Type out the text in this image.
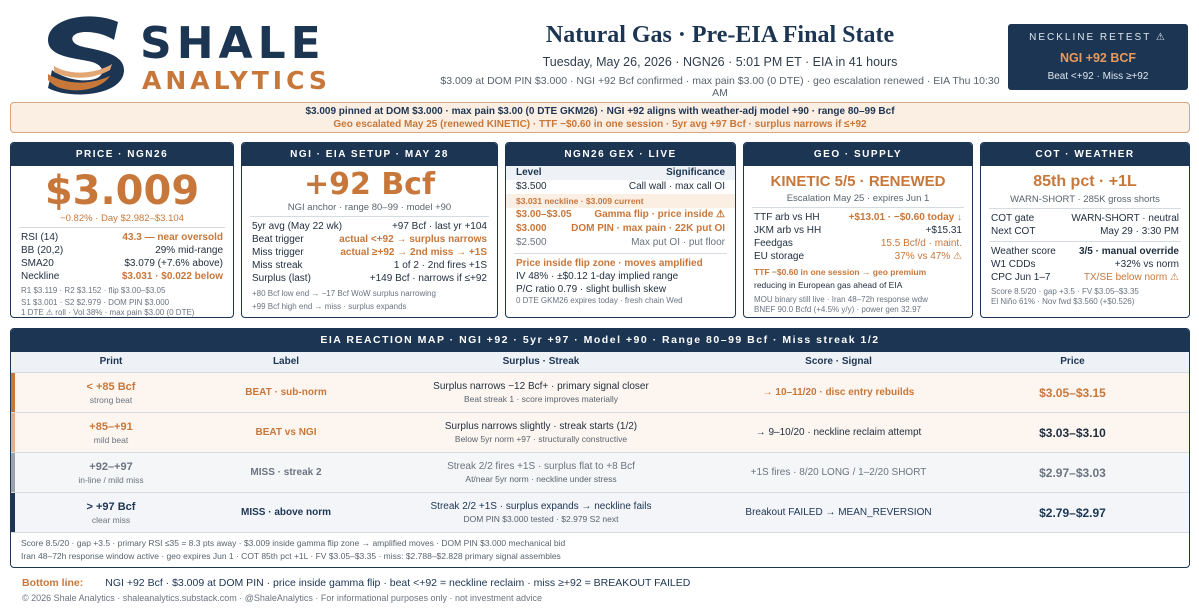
SHALE
ANALYTICS
Natural Gas · Pre-EIA Final State
Tuesday, May 26, 2026 · NGN26 · 5:01 PM ET · EIA in 41 hours
$3.009 at DOM PIN $3.000 · NGI +92 Bcf confirmed · max pain $3.00 (0 DTE) · geo escalation renewed · EIA Thu 10:30 AM
NECKLINE RETEST ⚠
NGI +92 BCF
Beat <+92 · Miss ≥+92
$3.009 pinned at DOM $3.000 · max pain $3.00 (0 DTE GKM26) · NGI +92 aligns with weather-adj model +90 · range 80–99 Bcf
Geo escalated May 25 (renewed KINETIC) · TTF −$0.60 in one session · 5yr avg +97 Bcf · surplus narrows if ≤+92
PRICE · NGN26
$3.009
−0.82% · Day $2.982–$3.104
RSI (14)	43.3 — near oversold
BB (20,2)	29% mid-range
SMA20	$3.079 (+7.6% above)
Neckline	$3.031 · $0.022 below
R1 $3.119 · R2 $3.152 · flip $3.00–$3.05
S1 $3.001 · S2 $2.979 · DOM PIN $3.000
1 DTE ⚠ roll · Vol 38% · max pain $3.00 (0 DTE)
NGI · EIA SETUP · MAY 28
+92 Bcf
NGI anchor · range 80–99 · model +90
5yr avg (May 22 wk)	+97 Bcf · last yr +104
Beat trigger	actual <+92 → surplus narrows
Miss trigger	actual ≥+92 → 2nd miss → +1S
Miss streak	1 of 2 · 2nd fires +1S
Surplus (last)	+149 Bcf · narrows if ≤+92
+80 Bcf low end → −17 Bcf WoW surplus narrowing
+99 Bcf high end → miss · surplus expands
NGN26 GEX · LIVE
Level	Significance
$3.500	Call wall · max call OI
$3.031 neckline · $3.009 current
$3.00–$3.05 Gamma flip · price inside ⚠
$3.000 DOM PIN · max pain · 22K put OI
$2.500	Max put OI · put floor
Price inside flip zone · moves amplified
IV 48% · ±$0.12 1-day implied range
P/C ratio 0.79 · slight bullish skew
0 DTE GKM26 expires today · fresh chain Wed
GEO · SUPPLY
KINETIC 5/5 · RENEWED
Escalation May 25 · expires Jun 1
TTF arb vs HH	+$13.01 · −$0.60 today ↓
JKM arb vs HH	+$15.31
Feedgas	15.5 Bcf/d · maint.
EU storage	37% vs 47% ⚠
TTF −$0.60 in one session → geo premium
reducing in European gas ahead of EIA
MOU binary still live · Iran 48–72h response wdw
BNEF 90.0 Bcfd (+4.5% y/y) · power gen 32.97
COT · WEATHER
85th pct · +1L
WARN-SHORT · 285K gross shorts
COT gate	WARN-SHORT · neutral
Next COT	May 29 · 3:30 PM
Weather score 3/5 · manual override
W1 CDDs	+32% vs norm
CPC Jun 1–7	TX/SE below norm ⚠
Score 8.5/20 · gap +3.5 · FV $3.05–$3.35
El Niño 61% · Nov fwd $3.560 (+$0.526)
EIA REACTION MAP · NGI +92 · 5yr +97 · Model +90 · Range 80–99 Bcf · Miss streak 1/2
Print	Label	Surplus · Streak	Score · Signal	Price
< +85 Bcf
strong beat
BEAT · sub-norm
Surplus narrows −12 Bcf+ · primary signal closer
Beat streak 1 · score improves materially
→ 10–11/20 · disc entry rebuilds	$3.05–$3.15
+85–+91
mild beat
BEAT vs NGI
Surplus narrows slightly · streak starts (1/2)
Below 5yr norm +97 · structurally constructive
→ 9–10/20 · neckline reclaim attempt	$3.03–$3.10
+92–+97
in-line / mild miss
MISS · streak 2
Streak 2/2 fires +1S · surplus flat to +8 Bcf
At/near 5yr norm · neckline under stress
+1S fires · 8/20 LONG / 1–2/20 SHORT	$2.97–$3.03
> +97 Bcf
clear miss
MISS · above norm
Streak 2/2 +1S · surplus expands → neckline fails
DOM PIN $3.000 tested · $2.979 S2 next
Breakout FAILED → MEAN_REVERSION	$2.79–$2.97
Score 8.5/20 · gap +3.5 · primary RSI ≤35 = 8.3 pts away · $3.009 inside gamma flip zone → amplified moves · DOM PIN $3.000 mechanical bid
Iran 48–72h response window active · geo expires Jun 1 · COT 85th pct +1L · FV $3.05–$3.35 · miss: $2.788–$2.828 primary signal assembles
Bottom line: NGI +92 Bcf · $3.009 at DOM PIN · price inside gamma flip · beat <+92 = neckline reclaim · miss ≥+92 = BREAKOUT FAILED
© 2026 Shale Analytics · shaleanalytics.substack.com · @ShaleAnalytics · For informational purposes only · not investment advice
